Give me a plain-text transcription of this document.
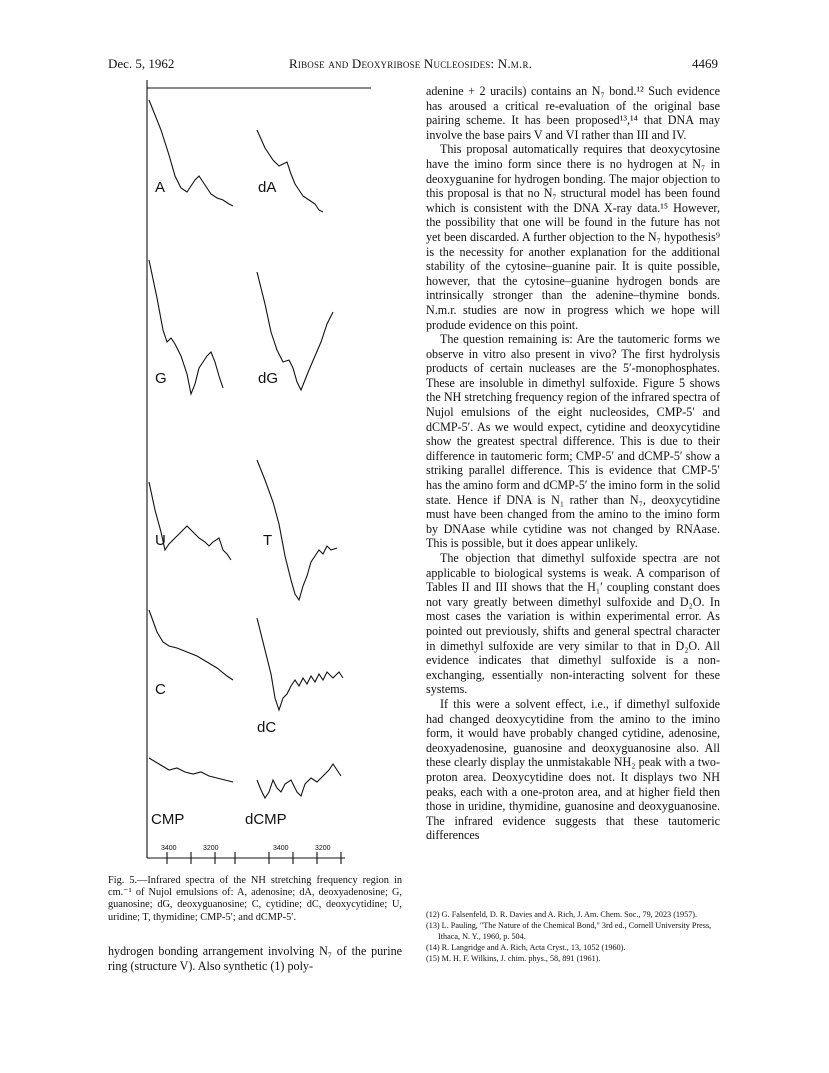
Dec. 5, 1962	Ribose and Deoxyribose Nucleosides: N.m.r.	4469
A	dA
G	dG
U	T
C
dC
CMP	dCMP
3400	3200	3400	3200
Fig. 5.—Infrared spectra of the NH stretching frequency region in cm.⁻¹ of Nujol emulsions of: A, adenosine; dA, deoxyadenosine; G, guanosine; dG, deoxyguanosine; C, cytidine; dC, deoxycytidine; U, uridine; T, thymidine; CMP-5′; and dCMP-5′.
hydrogen bonding arrangement involving N₇ of the purine ring (structure V). Also synthetic (1) poly-

adenine + 2 uracils) contains an N₇ bond.¹² Such evidence has aroused a critical re-evaluation of the original base pairing scheme. It has been proposed¹³,¹⁴ that DNA may involve the base pairs V and VI rather than III and IV.

This proposal automatically requires that deoxycytosine have the imino form since there is no hydrogen at N₇ in deoxyguanine for hydrogen bonding. The major objection to this proposal is that no N₇ structural model has been found which is consistent with the DNA X-ray data.¹⁵ However, the possibility that one will be found in the future has not yet been discarded. A further objection to the N₇ hypothesis⁹ is the necessity for another explanation for the additional stability of the cytosine–guanine pair. It is quite possible, however, that the cytosine–guanine hydrogen bonds are intrinsically stronger than the adenine–thymine bonds. N.m.r. studies are now in progress which we hope will produde evidence on this point.

The question remaining is: Are the tautomeric forms we observe in vitro also present in vivo? The first hydrolysis products of certain nucleases are the 5′-monophosphates. These are insoluble in dimethyl sulfoxide. Figure 5 shows the NH stretching frequency region of the infrared spectra of Nujol emulsions of the eight nucleosides, CMP-5′ and dCMP-5′. As we would expect, cytidine and deoxycytidine show the greatest spectral difference. This is due to their difference in tautomeric form; CMP-5′ and dCMP-5′ show a striking parallel difference. This is evidence that CMP-5′ has the amino form and dCMP-5′ the imino form in the solid state. Hence if DNA is N₁ rather than N₇, deoxycytidine must have been changed from the amino to the imino form by DNAase while cytidine was not changed by RNAase. This is possible, but it does appear unlikely.

The objection that dimethyl sulfoxide spectra are not applicable to biological systems is weak. A comparison of Tables II and III shows that the H₁′ coupling constant does not vary greatly between dimethyl sulfoxide and D₂O. In most cases the variation is within experimental error. As pointed out previously, shifts and general spectral character in dimethyl sulfoxide are very similar to that in D₂O. All evidence indicates that dimethyl sulfoxide is a non-exchanging, essentially non-interacting solvent for these systems.

If this were a solvent effect, i.e., if dimethyl sulfoxide had changed deoxycytidine from the amino to the imino form, it would have probably changed cytidine, adenosine, deoxyadenosine, guanosine and deoxyguanosine also. All these clearly display the unmistakable NH₂ peak with a two-proton area. Deoxycytidine does not. It displays two NH peaks, each with a one-proton area, and at higher field then those in uridine, thymidine, guanosine and deoxyguanosine. The infrared evidence suggests that these tautomeric differences

(12) G. Falsenfeld, D. R. Davies and A. Rich, J. Am. Chem. Soc., 79, 2023 (1957).
(13) L. Pauling, "The Nature of the Chemical Bond," 3rd ed., Cornell University Press, Ithaca, N. Y., 1960, p. 504.
(14) R. Langridge and A. Rich, Acta Cryst., 13, 1052 (1960).
(15) M. H. F. Wilkins, J. chim. phys., 58, 891 (1961).
